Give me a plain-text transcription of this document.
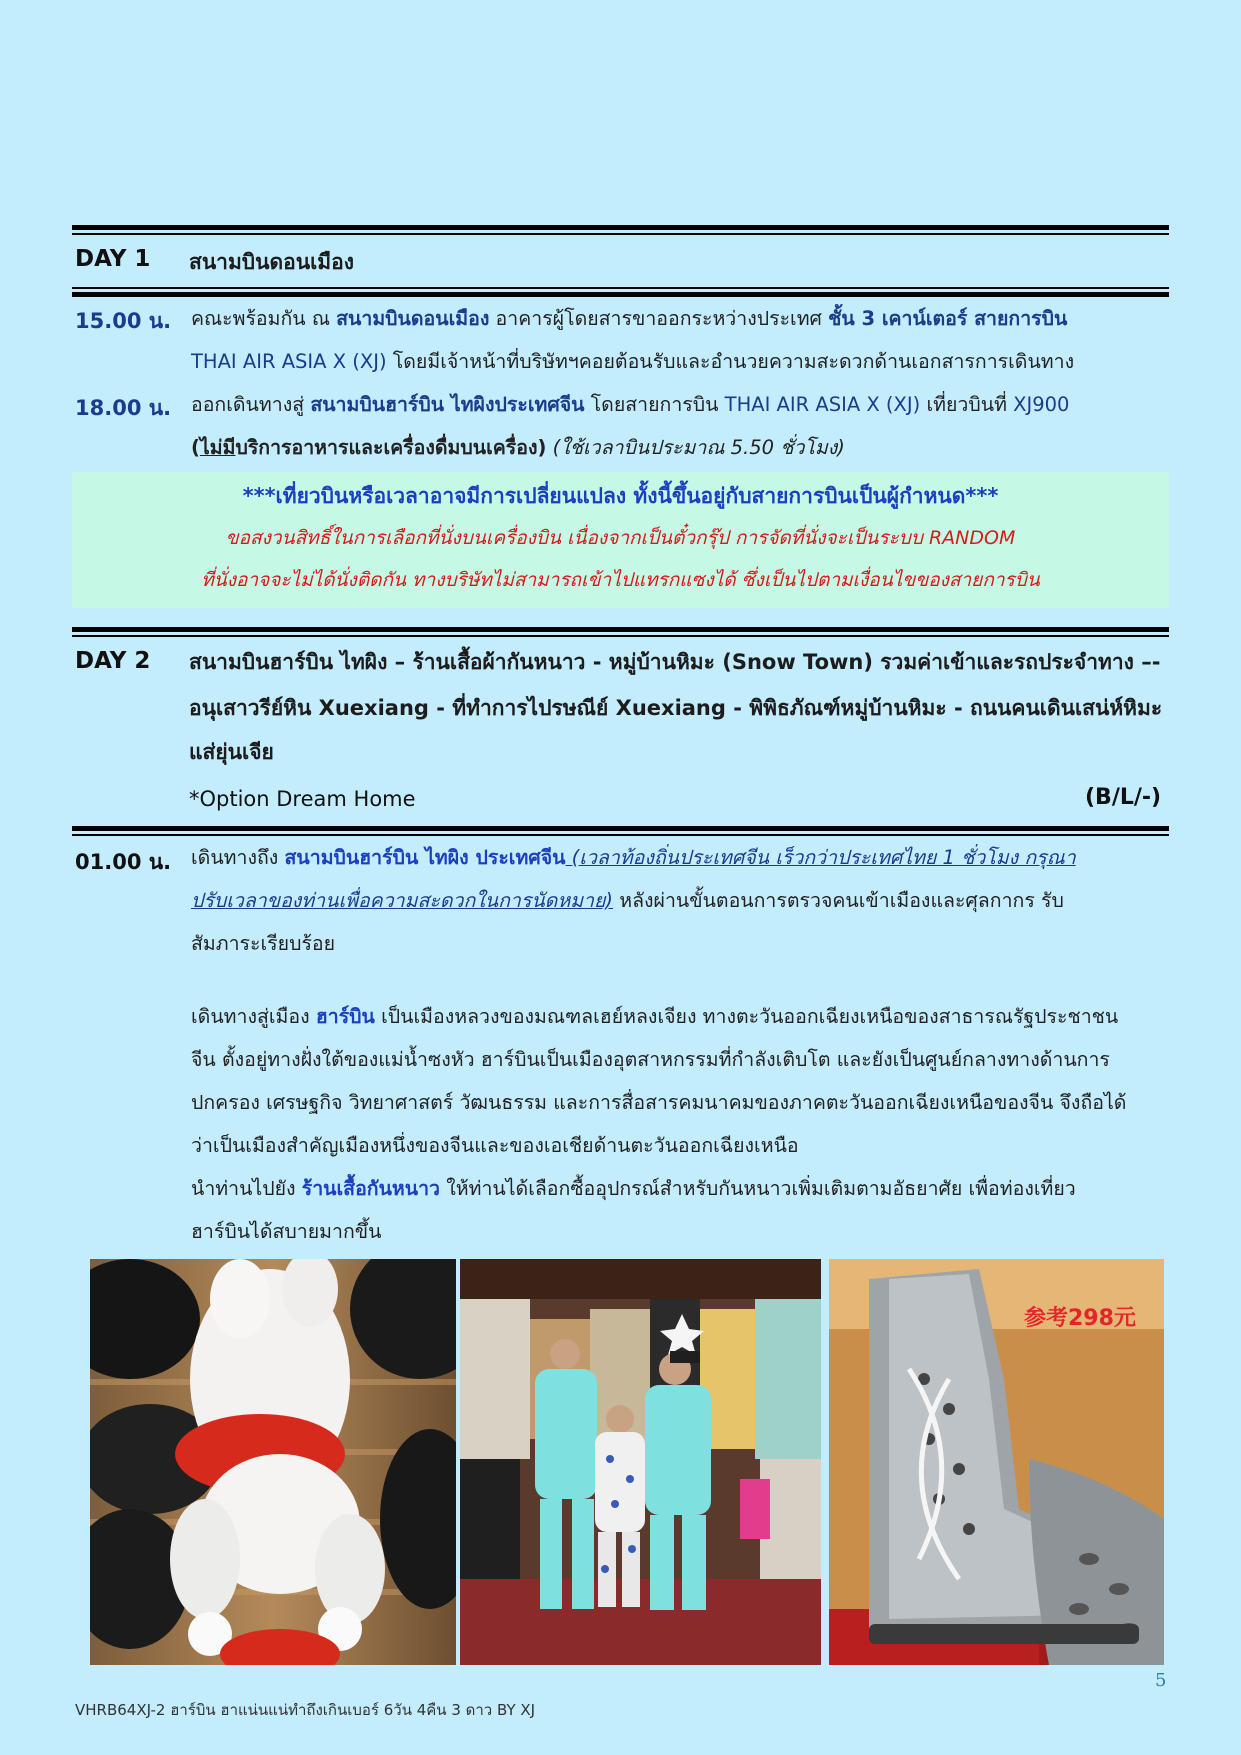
DAY 1 สนามบินดอนเมือง
15.00 น. คณะพร้อมกัน ณ สนามบินดอนเมือง อาคารผู้โดยสารขาออกระหว่างประเทศ ชั้น 3 เคาน์เตอร์ สายการบิน
THAI AIR ASIA X (XJ) โดยมีเจ้าหน้าที่บริษัทฯคอยต้อนรับและอำนวยความสะดวกด้านเอกสารการเดินทาง
18.00 น. ออกเดินทางสู่ สนามบินฮาร์บิน ไทผิงประเทศจีน โดยสายการบิน THAI AIR ASIA X (XJ) เที่ยวบินที่ XJ900
(ไม่มีบริการอาหารและเครื่องดื่มบนเครื่อง) (ใช้เวลาบินประมาณ 5.50 ชั่วโมง)
***เที่ยวบินหรือเวลาอาจมีการเปลี่ยนแปลง ทั้งนี้ขึ้นอยู่กับสายการบินเป็นผู้กำหนด***
ขอสงวนสิทธิ์ในการเลือกที่นั่งบนเครื่องบิน เนื่องจากเป็นตั๋วกรุ๊ป การจัดที่นั่งจะเป็นระบบ RANDOM
ที่นั่งอาจจะไม่ได้นั่งติดกัน ทางบริษัทไม่สามารถเข้าไปแทรกแซงได้ ซึ่งเป็นไปตามเงื่อนไขของสายการบิน
DAY 2 สนามบินฮาร์บิน ไทผิง – ร้านเสื้อผ้ากันหนาว - หมู่บ้านหิมะ (Snow Town) รวมค่าเข้าและรถประจำทาง –-
อนุเสาวรีย์หิน Xuexiang - ที่ทำการไปรษณีย์ Xuexiang - พิพิธภัณฑ์หมู่บ้านหิมะ - ถนนคนเดินเสน่ห์หิมะ
แส่ยุ่นเจีย
*Option Dream Home	(B/L/-)
01.00 น. เดินทางถึง สนามบินฮาร์บิน ไทผิง ประเทศจีน (เวลาท้องถิ่นประเทศจีน เร็วกว่าประเทศไทย 1 ชั่วโมง กรุณา
ปรับเวลาของท่านเพื่อความสะดวกในการนัดหมาย) หลังผ่านขั้นตอนการตรวจคนเข้าเมืองและศุลกากร รับ
สัมภาระเรียบร้อย
เดินทางสู่เมือง ฮาร์บิน เป็นเมืองหลวงของมณฑลเฮย์หลงเจียง ทางตะวันออกเฉียงเหนือของสาธารณรัฐประชาชน
จีน ตั้งอยู่ทางฝั่งใต้ของแม่น้ำซงหัว ฮาร์บินเป็นเมืองอุตสาหกรรมที่กำลังเติบโต และยังเป็นศูนย์กลางทางด้านการ
ปกครอง เศรษฐกิจ วิทยาศาสตร์ วัฒนธรรม และการสื่อสารคมนาคมของภาคตะวันออกเฉียงเหนือของจีน จึงถือได้
ว่าเป็นเมืองสำคัญเมืองหนึ่งของจีนและของเอเชียด้านตะวันออกเฉียงเหนือ
นำท่านไปยัง ร้านเสื้อกันหนาว ให้ท่านได้เลือกซื้ออุปกรณ์สำหรับกันหนาวเพิ่มเติมตามอัธยาศัย เพื่อท่องเที่ยว
ฮาร์บินได้สบายมากขึ้น
参考298元
5
VHRB64XJ-2 ฮาร์บิน ฮาแน่นแน่ทำถึงเกินเบอร์ 6วัน 4คืน 3 ดาว BY XJ
